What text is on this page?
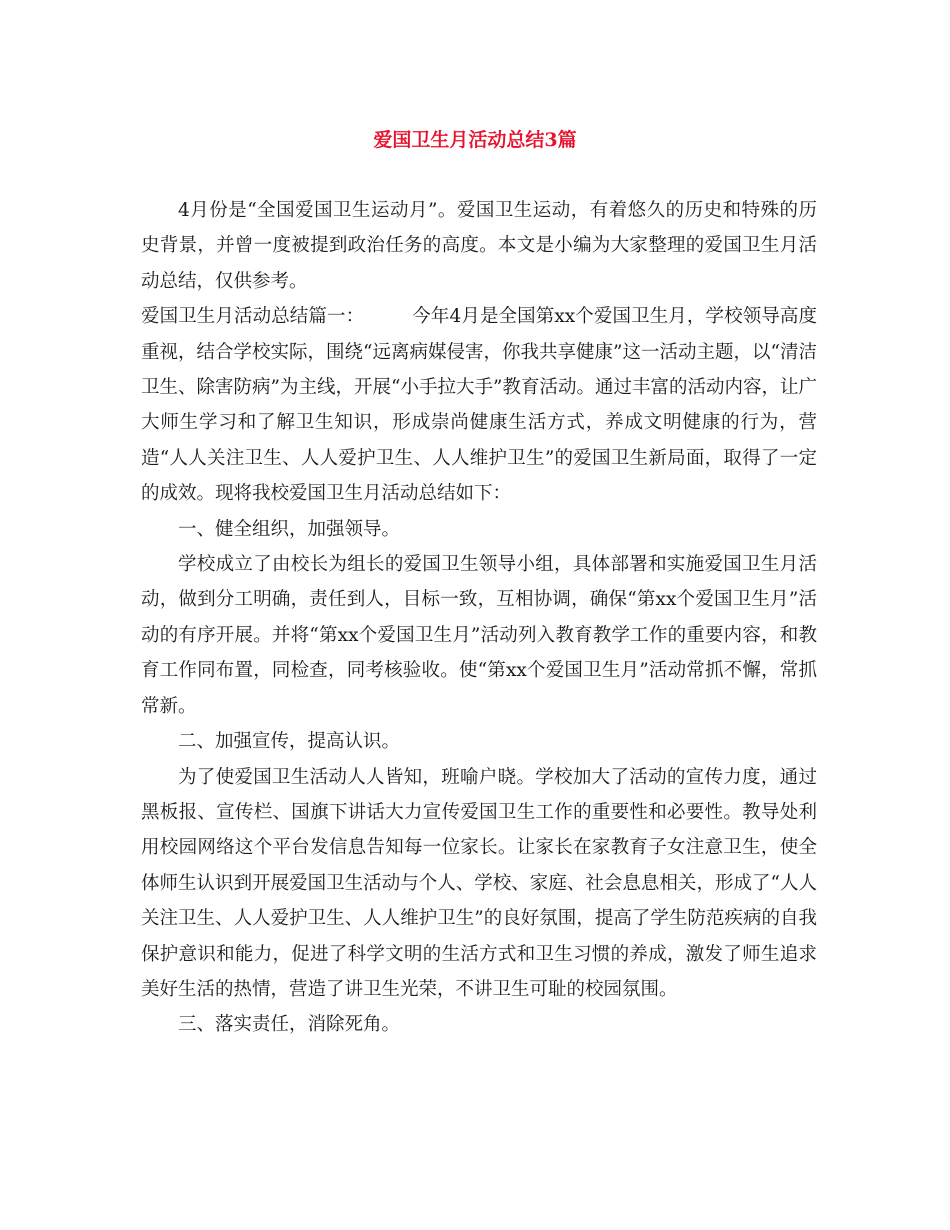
爱国卫生月活动总结3篇

4月份是“全国爱国卫生运动月”。爱国卫生运动，有着悠久的历史和特殊的历史背景，并曾一度被提到政治任务的高度。本文是小编为大家整理的爱国卫生月活动总结，仅供参考。

爱国卫生月活动总结篇一：	今年4月是全国第xx个爱国卫生月，学校领导高度重视，结合学校实际，围绕“远离病媒侵害，你我共享健康”这一活动主题，以“清洁卫生、除害防病”为主线，开展“小手拉大手”教育活动。通过丰富的活动内容，让广大师生学习和了解卫生知识，形成崇尚健康生活方式，养成文明健康的行为，营造“人人关注卫生、人人爱护卫生、人人维护卫生”的爱国卫生新局面，取得了一定的成效。现将我校爱国卫生月活动总结如下：

一、健全组织，加强领导。

学校成立了由校长为组长的爱国卫生领导小组，具体部署和实施爱国卫生月活动，做到分工明确，责任到人，目标一致，互相协调，确保“第xx个爱国卫生月”活动的有序开展。并将“第xx个爱国卫生月”活动列入教育教学工作的重要内容，和教育工作同布置，同检查，同考核验收。使“第xx个爱国卫生月”活动常抓不懈，常抓常新。

二、加强宣传，提高认识。

为了使爱国卫生活动人人皆知，班喻户晓。学校加大了活动的宣传力度，通过黑板报、宣传栏、国旗下讲话大力宣传爱国卫生工作的重要性和必要性。教导处利用校园网络这个平台发信息告知每一位家长。让家长在家教育子女注意卫生，使全体师生认识到开展爱国卫生活动与个人、学校、家庭、社会息息相关，形成了“人人关注卫生、人人爱护卫生、人人维护卫生”的良好氛围，提高了学生防范疾病的自我保护意识和能力，促进了科学文明的生活方式和卫生习惯的养成，激发了师生追求美好生活的热情，营造了讲卫生光荣，不讲卫生可耻的校园氛围。

三、落实责任，消除死角。
